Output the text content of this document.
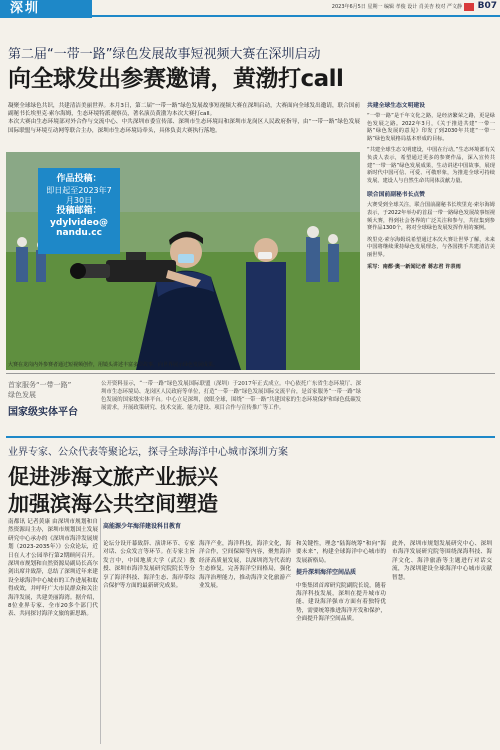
深圳	2023年6月5日 星期一 编辑 孝俊 设计 肖美杏 校对 严文静 B07
第二届“一带一路”绿色发展故事短视频大赛在深圳启动
向全球发出参赛邀请，黄渤打call

凝聚全球绿色共识，共建清洁美丽世界。本月3日，第二届“一带一路”绿色发展故事短视频大赛在深圳启动，大赛面向全球发出邀请，联合国前副秘书长埃里克·索尔海姆，生态环境特派观察员，著名演员黄渤为本次大赛打call。

本次大赛由生态环境部对外合作与交流中心、中共深圳市委宣传部、深圳市生态环境局和深圳市龙岗区人民政府指导，由“一带一路”绿色发展国际联盟与环境互动网等联合主办，深圳市生态环境局牵头，具体负责大赛执行落地。

作品投稿：
即日起至2023年7
月30日
投稿邮箱：
ydylvideo@
nandu.cc
大赛在龙岗内外参赛者通过短视频创作，用镜头讲述丰富多彩故事，向世界展示绿色发展成果。
共建全球生态文明建设

“一带一路”是千年文化之路，是经济繁荣之路，更是绿色发展之路。2022年3月，《关于推进共建“一带一路”绿色发展的意见》印发了到2030年共建“一带一路”绿色发展格局基本形成的目标。

“共建全球生态文明建设，中国在行动。”生态环境部有关负责人表示，希望通过更多的参赛作品，深入宣传共建“一带一路”绿色发展成果，生动讲述中国故事，展现新时代中国可信、可爱、可敬形象，为推进全球可持续发展、建设人与自然生命共同体贡献力量。

联合国前副秘书长点赞

大赛受到全球关注，联合国前副秘书长埃里克·索尔海姆表示，于2022年举办的首届一带一路绿色发展故事短视频大赛，得到社会各界的广泛关注和参与，共征集到参赛作品1300个，将对全球绿色发展发挥作用的案例。

埃里克·索尔海姆说希望通过本次大赛让世界了解，未来中国将继续秉持绿色发展理念，与各国携手共建清洁美丽世界。

采写：南都·奥一新闻记者 蒋志君 许表雨

首家服务“一带一路”
绿色发展
国家级实体平台
公开资料显示，“一带一路”绿色发展国际联盟（深圳）于2017年正式成立。中心依托广东省生态环境厅、深圳市生态环境局、龙岗区人民政府等单位，打造“一带一路”绿色发展国际交流平台，是首家服务“一带一路”绿色发展的国家级实体平台。中心立足深圳，放眼全球，围绕“一带一路”共建国家的生态环境保护和绿色低碳发展需求，开展政策研究、技术交流、能力建设、项目合作与宣传推广等工作。
业界专家、公众代表等聚论坛，探寻全球海洋中心城市深圳方案
促进涉海文旅产业振兴
加强滨海公共空间塑造
南都讯 记者黄康 由深圳市规划和自然资源局主办，深圳市规划国土发展研究中心承办的《深圳市海洋发展规划（2023-2035年）》公众论坛，近日在人才公园举行第2期顾问召开。深圳市规划和自然资源局副局长高尔剑出席并致辞，总结了深圳近年来建设全球海洋中心城市的工作进展和取得成效，并呼吁广大市民群众和关注海洋发展，共建美丽海湾。据介绍，8位业界专家、全市20多个部门代表、共同探讨海洋文旅的新思路。
高能源少年海洋建设科目教育
论坛分设开幕致辞、演讲环节、专家对话、公众发言等环节。在专家主旨发言中，中国地质大学（武汉）教授、深圳市海洋发展研究院院长等分享了海洋科技、海洋生态、海岸带综合保护等方面的最新研究成果。
海洋产业，海洋科技，海洋文化，海洋合作，空间保障等内容，聚焦海洋经济高质量发展，以深圳湾为代表的生态修复，完善海洋空间格局，强化海洋治理能力，推动海洋文化旅游产业发展。
和关键性，理念“陆海统筹”和向“海要未来”，构建全球海洋中心城市的发展新格局。
提升深圳海洋空间品质
中集集团首席研究院副院长说，随着海洋科技发展，深圳在提升城市功能、建设海洋强市方面有着独特优势，需要统筹推进海洋开发和保护，全面提升海洋空间品质。
此外，深圳市规划发展研究中心、深圳市海洋发展研究院等围绕深海科技、海洋文化、海洋旅游等主题进行对话交流，为深圳建设全球海洋中心城市贡献智慧。
